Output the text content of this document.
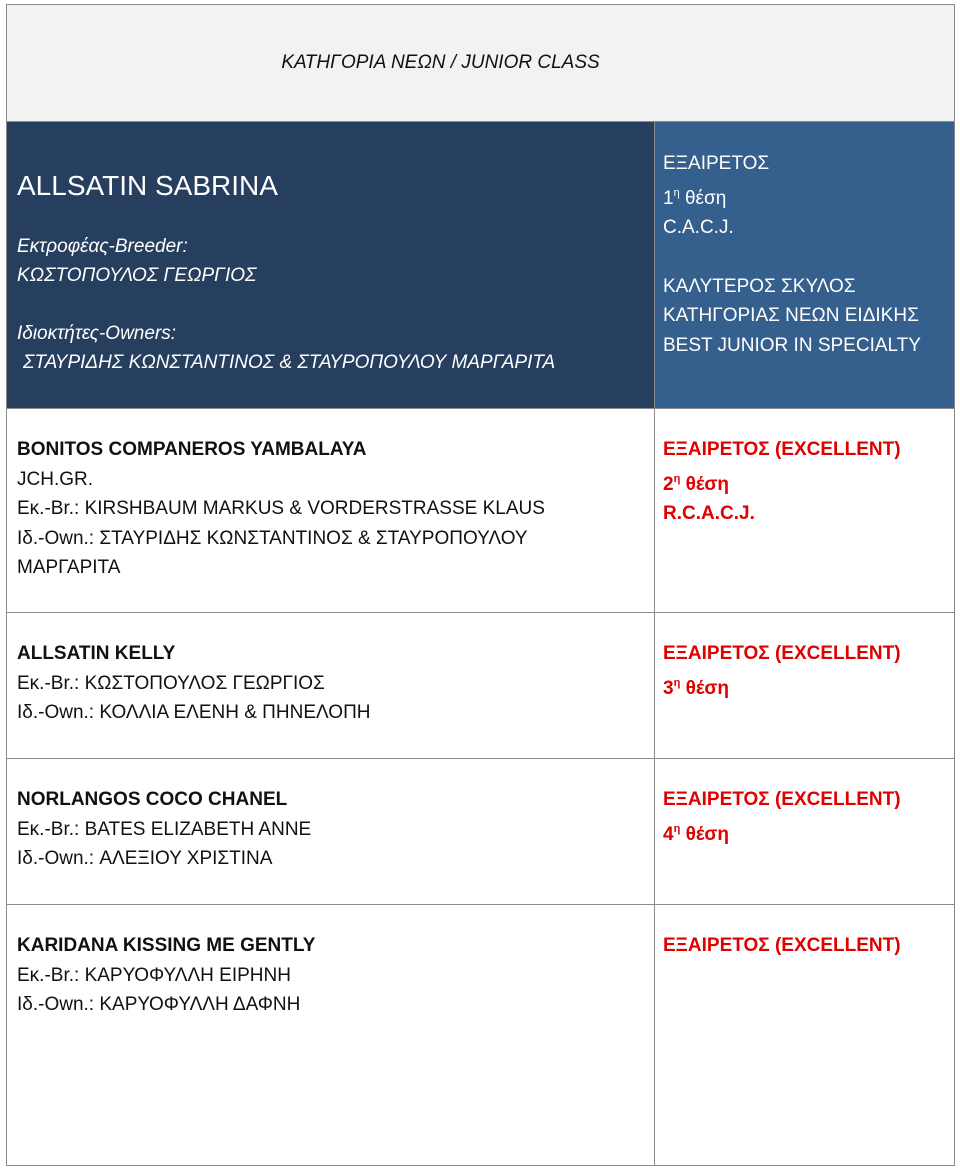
ΚΑΤΗΓΟΡΙΑ ΝΕΩΝ / JUNIOR CLASS
ALLSATIN SABRINA
Εκτροφέας-Breeder:
ΚΩΣΤΟΠΟΥΛΟΣ ΓΕΩΡΓΙΟΣ
Ιδιοκτήτες-Owners:
ΣΤΑΥΡΙΔΗΣ ΚΩΝΣΤΑΝΤΙΝΟΣ & ΣΤΑΥΡΟΠΟΥΛΟΥ ΜΑΡΓΑΡΙΤΑ
ΕΞΑΙΡΕΤΟΣ
$1^\eta$ θέση
C.A.C.J.
ΚΑΛΥΤΕΡΟΣ ΣΚΥΛΟΣ
ΚΑΤΗΓΟΡΙΑΣ ΝΕΩΝ ΕΙΔΙΚΗΣ
BEST JUNIOR IN SPECIALTY
BONITOS COMPANEROS YAMBALAYA
JCH.GR.
Εκ.-Br.: KIRSHBAUM MARKUS & VORDERSTRASSE KLAUS
Ιδ.-Own.: ΣΤΑΥΡΙΔΗΣ ΚΩΝΣΤΑΝΤΙΝΟΣ & ΣΤΑΥΡΟΠΟΥΛΟΥ
ΜΑΡΓΑΡΙΤΑ
ΕΞΑΙΡΕΤΟΣ (EXCELLENT)
$2^\eta$ θέση
R.C.A.C.J.
ALLSATIN KELLY
Εκ.-Br.: ΚΩΣΤΟΠΟΥΛΟΣ ΓΕΩΡΓΙΟΣ
Ιδ.-Own.: ΚΟΛΛΙΑ ΕΛΕΝΗ & ΠΗΝΕΛΟΠΗ
ΕΞΑΙΡΕΤΟΣ (EXCELLENT)
$3^\eta$ θέση
NORLANGOS COCO CHANEL
Εκ.-Br.: BATES ELIZABETH ANNE
Ιδ.-Own.: ΑΛΕΞΙΟΥ ΧΡΙΣΤΙΝΑ
ΕΞΑΙΡΕΤΟΣ (EXCELLENT)
$4^\eta$ θέση
KARIDANA KISSING ME GENTLY
Εκ.-Br.: ΚΑΡΥΟΦΥΛΛΗ ΕΙΡΗΝΗ
Ιδ.-Own.: ΚΑΡΥΟΦΥΛΛΗ ΔΑΦΝΗ
ΕΞΑΙΡΕΤΟΣ (EXCELLENT)
